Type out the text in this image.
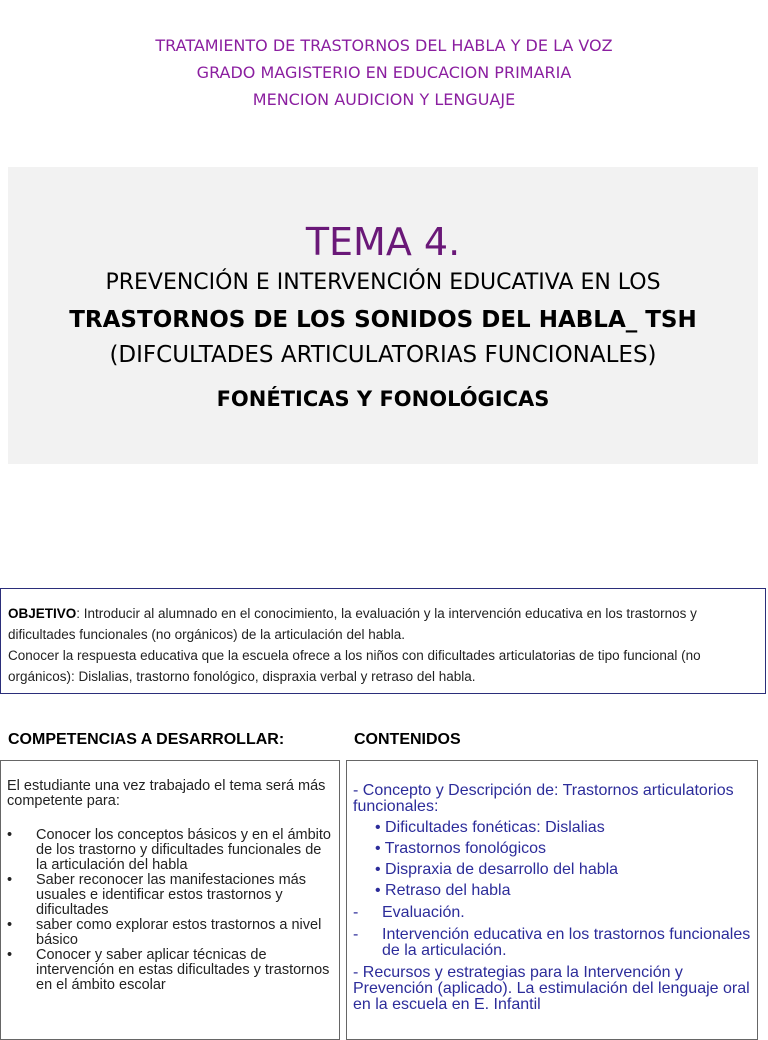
TRATAMIENTO DE TRASTORNOS DEL HABLA Y DE LA VOZ
GRADO MAGISTERIO EN EDUCACION PRIMARIA
MENCION AUDICION Y LENGUAJE
TEMA 4.
PREVENCIÓN E INTERVENCIÓN EDUCATIVA EN LOS
TRASTORNOS DE LOS SONIDOS DEL HABLA_ TSH
(DIFCULTADES ARTICULATORIAS FUNCIONALES)
FONÉTICAS Y FONOLÓGICAS
OBJETIVO: Introducir al alumnado en el conocimiento, la evaluación y la intervención educativa en los trastornos y dificultades funcionales (no orgánicos) de la articulación del habla.
Conocer la respuesta educativa que la escuela ofrece a los niños con dificultades articulatorias de tipo funcional (no orgánicos): Dislalias, trastorno fonológico, dispraxia verbal y retraso del habla.
COMPETENCIAS A DESARROLLAR:	CONTENIDOS
El estudiante una vez trabajado el tema será más competente para:
• Conocer los conceptos básicos y en el ámbito de los trastorno y dificultades funcionales de la articulación del habla
• Saber reconocer las manifestaciones más usuales e identificar estos trastornos y dificultades
• saber como explorar estos trastornos a nivel básico
• Conocer y saber aplicar técnicas de intervención en estas dificultades y trastornos en el ámbito escolar
- Concepto y Descripción de: Trastornos articulatorios funcionales:
• Dificultades fonéticas: Dislalias
• Trastornos fonológicos
• Dispraxia de desarrollo del habla
• Retraso del habla
- Evaluación.
- Intervención educativa en los trastornos funcionales de la articulación.
- Recursos y estrategias para la Intervención y Prevención (aplicado). La estimulación del lenguaje oral en la escuela en E. Infantil
